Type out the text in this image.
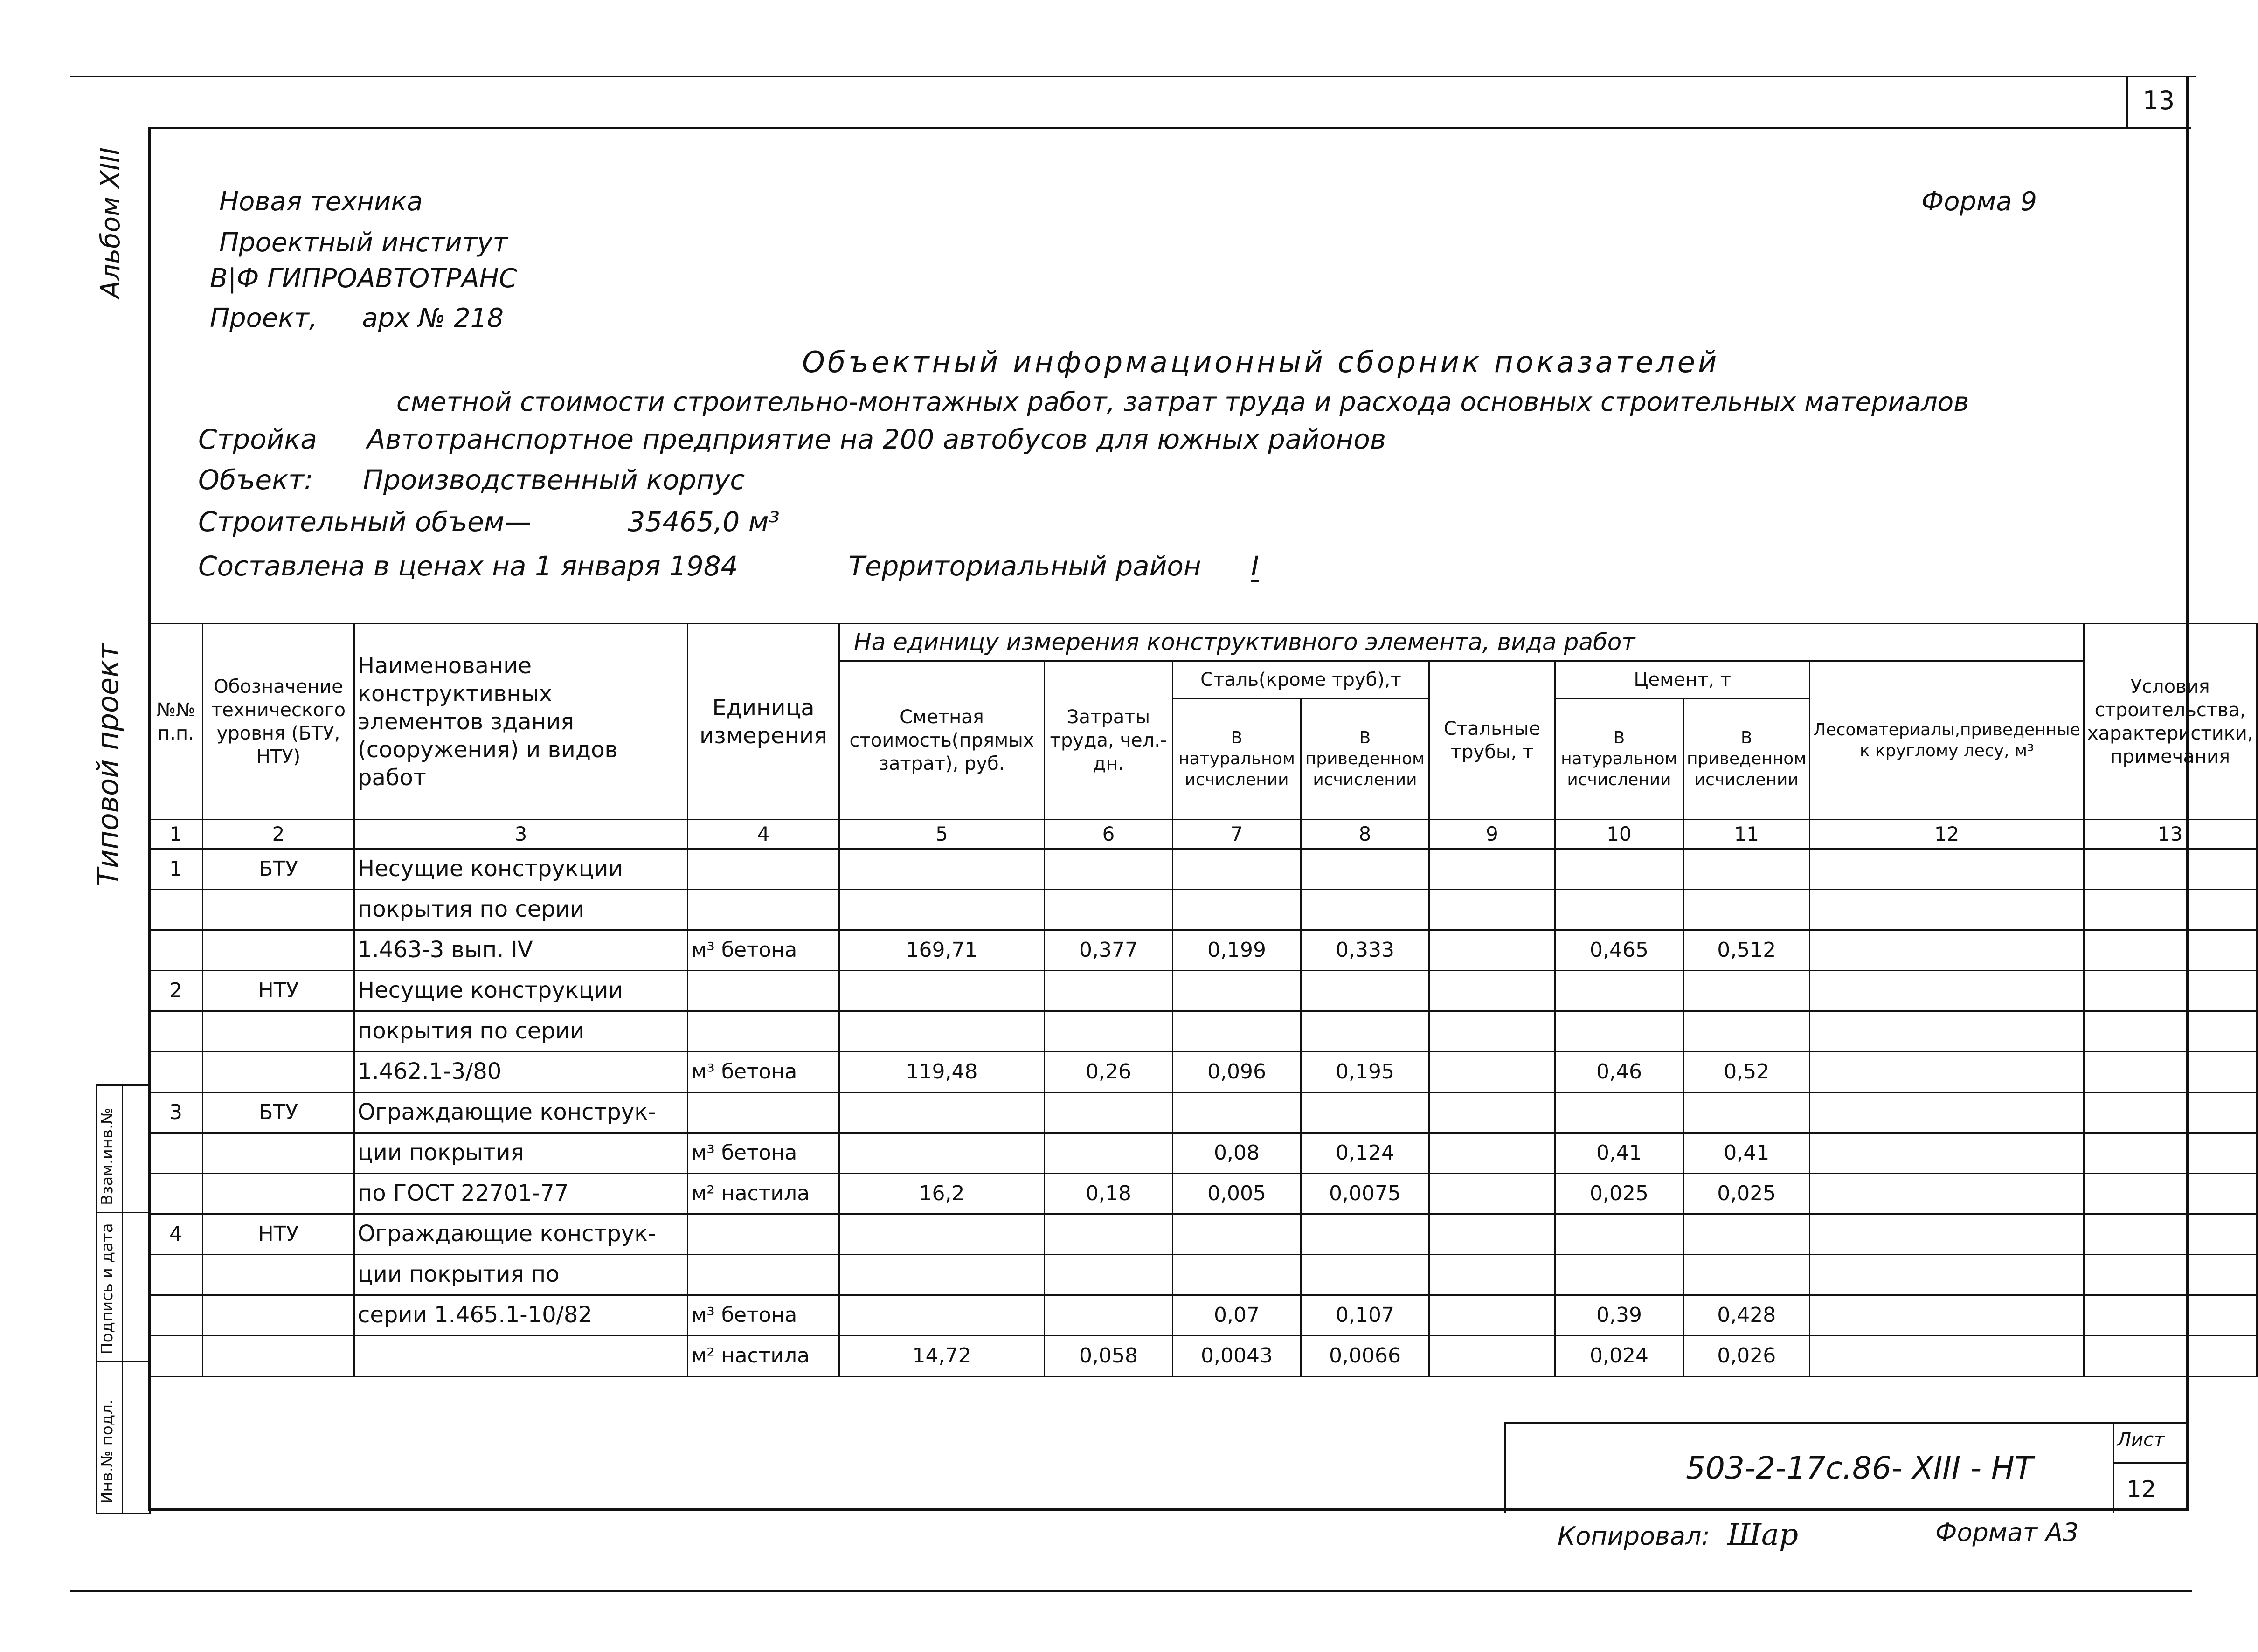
13
Альбом XIII
Типовой проект
Новая техника
Проектный институт
В|Ф ГИПРОАВТОТРАНС
Проект, арх № 218
Форма 9
Объектный информационный сборник показателей
сметной стоимости строительно-монтажных работ, затрат труда и расхода основных строительных материалов
Стройка Автотранспортное предприятие на 200 автобусов для южных районов
Объект: Производственный корпус
Строительный объем—	35465,0 м³
Составлена в ценах на 1 января 1984	Территориальный район I
№№ п.п.	Обозначение технического уровня (БТУ, НТУ)	Наименование конструктивных элементов здания (сооружения) и видов работ	Единица измерения	На единицу измерения конструктивного элемента, вида работ								Условия строительства, характеристики, примечания
				Сметная стоимость(прямых затрат), руб.	Затраты труда, чел.-дн.	Сталь(кроме труб),т		Стальные трубы, т	Цемент, т		Лесоматериалы,приведенные к круглому лесу, м³	
						В натуральном исчислении	В приведенном исчислении		В натуральном исчислении	В приведенном исчислении		
1	2	3	4	5	6	7	8	9	10	11	12	13
1	БТУ	Несущие конструкции										
		покрытия по серии										
		1.463-3 вып. IV	м³ бетона	169,71	0,377	0,199	0,333		0,465	0,512		
2	НТУ	Несущие конструкции										
		покрытия по серии										
		1.462.1-3/80	м³ бетона	119,48	0,26	0,096	0,195		0,46	0,52		
3	БТУ	Ограждающие конструк-										
		ции покрытия	м³ бетона			0,08	0,124		0,41	0,41		
		по ГОСТ 22701-77	м² настила	16,2	0,18	0,005	0,0075		0,025	0,025		
4	НТУ	Ограждающие конструк-										
		ции покрытия по										
		серии 1.465.1-10/82	м³ бетона			0,07	0,107		0,39	0,428		
			м² настила	14,72	0,058	0,0043	0,0066		0,024	0,026		
Взам.инв.№
Подпись и дата
Инв.№ подл.	503-2-17с.86- XIII - НТ
Лист
12
Копировал: Шар	Формат А3
